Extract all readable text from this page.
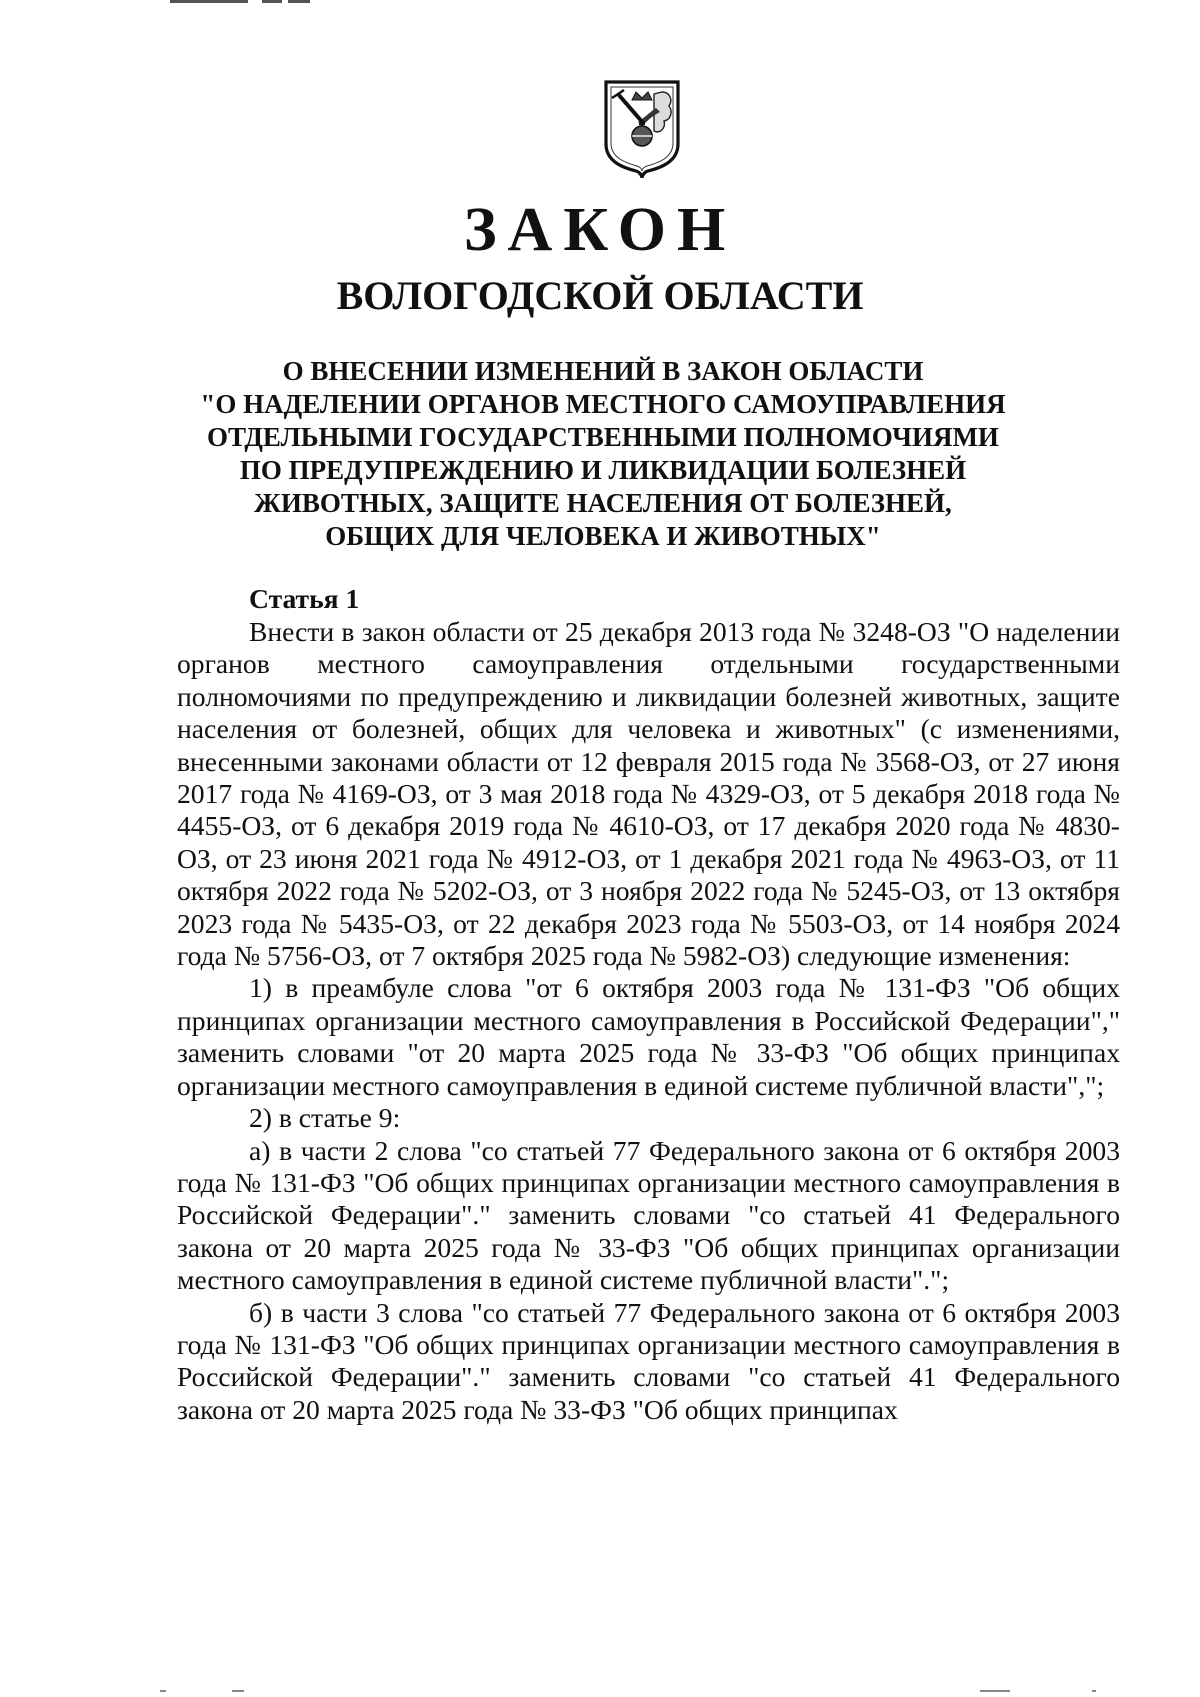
ЗАКОН
ВОЛОГОДСКОЙ ОБЛАСТИ
О ВНЕСЕНИИ ИЗМЕНЕНИЙ В ЗАКОН ОБЛАСТИ
"О НАДЕЛЕНИИ ОРГАНОВ МЕСТНОГО САМОУПРАВЛЕНИЯ
ОТДЕЛЬНЫМИ ГОСУДАРСТВЕННЫМИ ПОЛНОМОЧИЯМИ
ПО ПРЕДУПРЕЖДЕНИЮ И ЛИКВИДАЦИИ БОЛЕЗНЕЙ
ЖИВОТНЫХ, ЗАЩИТЕ НАСЕЛЕНИЯ ОТ БОЛЕЗНЕЙ,
ОБЩИХ ДЛЯ ЧЕЛОВЕКА И ЖИВОТНЫХ"
Статья 1

Внести в закон области от 25 декабря 2013 года № 3248-ОЗ "О наделении органов местного самоуправления отдельными государственными полномочиями по предупреждению и ликвидации болезней животных, защите населения от болезней, общих для человека и животных" (с изменениями, внесенными законами области от 12 февраля 2015 года № 3568-ОЗ, от 27 июня 2017 года № 4169-ОЗ, от 3 мая 2018 года № 4329-ОЗ, от 5 декабря 2018 года № 4455-ОЗ, от 6 декабря 2019 года № 4610-ОЗ, от 17 декабря 2020 года № 4830-ОЗ, от 23 июня 2021 года № 4912-ОЗ, от 1 декабря 2021 года № 4963-ОЗ, от 11 октября 2022 года № 5202-ОЗ, от 3 ноября 2022 года № 5245-ОЗ, от 13 октября 2023 года № 5435-ОЗ, от 22 декабря 2023 года № 5503-ОЗ, от 14 ноября 2024 года № 5756-ОЗ, от 7 октября 2025 года № 5982-ОЗ) следующие изменения:

1) в преамбуле слова "от 6 октября 2003 года № 131-ФЗ "Об общих принципах организации местного самоуправления в Российской Федерации"," заменить словами "от 20 марта 2025 года № 33-ФЗ "Об общих принципах организации местного самоуправления в единой системе публичной власти",";

2) в статье 9:

а) в части 2 слова "со статьей 77 Федерального закона от 6 октября 2003 года № 131-ФЗ "Об общих принципах организации местного самоуправления в Российской Федерации"." заменить словами "со статьей 41 Федерального закона от 20 марта 2025 года № 33-ФЗ "Об общих принципах организации местного самоуправления в единой системе публичной власти".";

б) в части 3 слова "со статьей 77 Федерального закона от 6 октября 2003 года № 131-ФЗ "Об общих принципах организации местного самоуправления в Российской Федерации"." заменить словами "со статьей 41 Федерального закона от 20 марта 2025 года № 33-ФЗ "Об общих принципах
